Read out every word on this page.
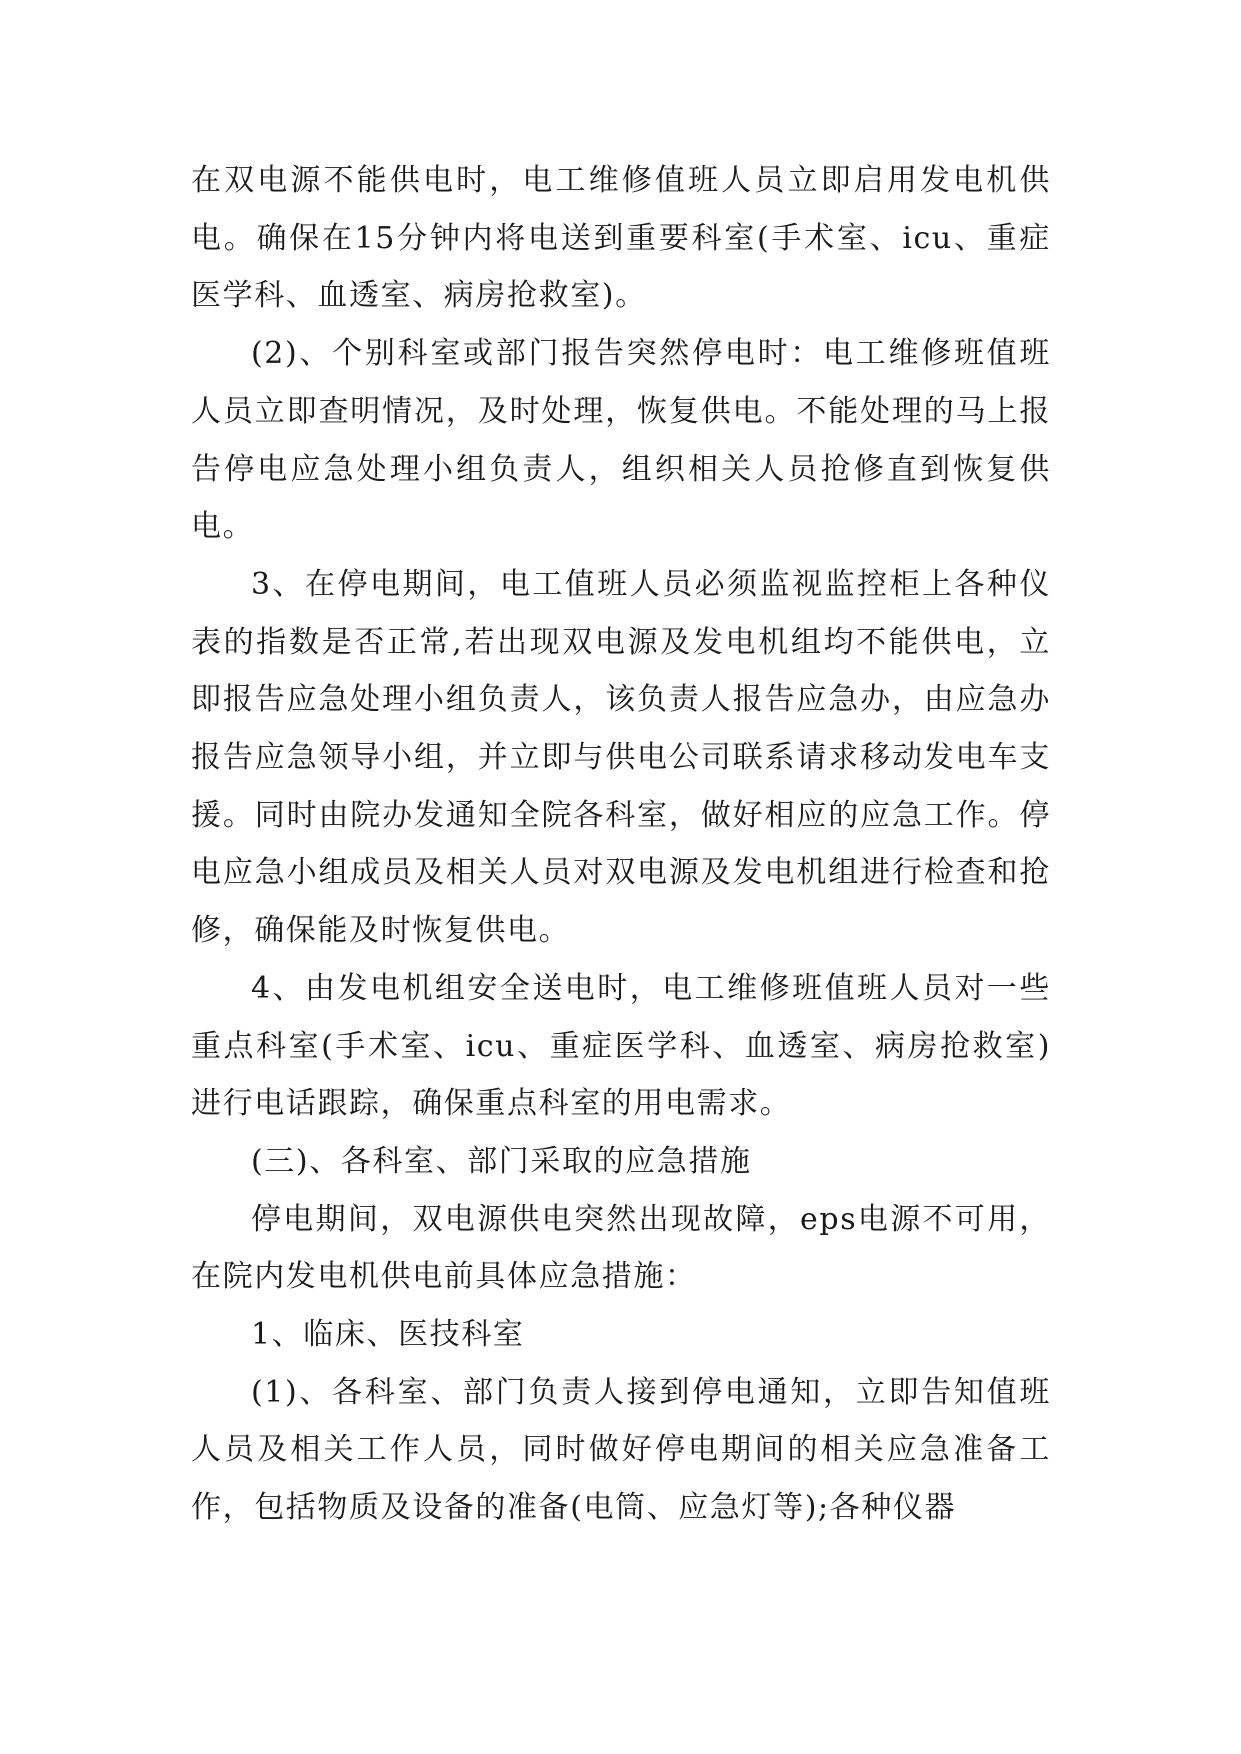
在双电源不能供电时，电工维修值班人员立即启用发电机供电。确保在15分钟内将电送到重要科室(手术室、icu、重症医学科、血透室、病房抢救室)。

(2)、个别科室或部门报告突然停电时：电工维修班值班人员立即查明情况，及时处理，恢复供电。不能处理的马上报告停电应急处理小组负责人，组织相关人员抢修直到恢复供电。

3、在停电期间，电工值班人员必须监视监控柜上各种仪表的指数是否正常,若出现双电源及发电机组均不能供电，立即报告应急处理小组负责人，该负责人报告应急办，由应急办报告应急领导小组，并立即与供电公司联系请求移动发电车支援。同时由院办发通知全院各科室，做好相应的应急工作。停电应急小组成员及相关人员对双电源及发电机组进行检查和抢修，确保能及时恢复供电。

4、由发电机组安全送电时，电工维修班值班人员对一些重点科室(手术室、icu、重症医学科、血透室、病房抢救室)进行电话跟踪，确保重点科室的用电需求。

(三)、各科室、部门采取的应急措施

停电期间，双电源供电突然出现故障，eps电源不可用，在院内发电机供电前具体应急措施：

1、临床、医技科室

(1)、各科室、部门负责人接到停电通知，立即告知值班人员及相关工作人员，同时做好停电期间的相关应急准备工作，包括物质及设备的准备(电筒、应急灯等);各种仪器
